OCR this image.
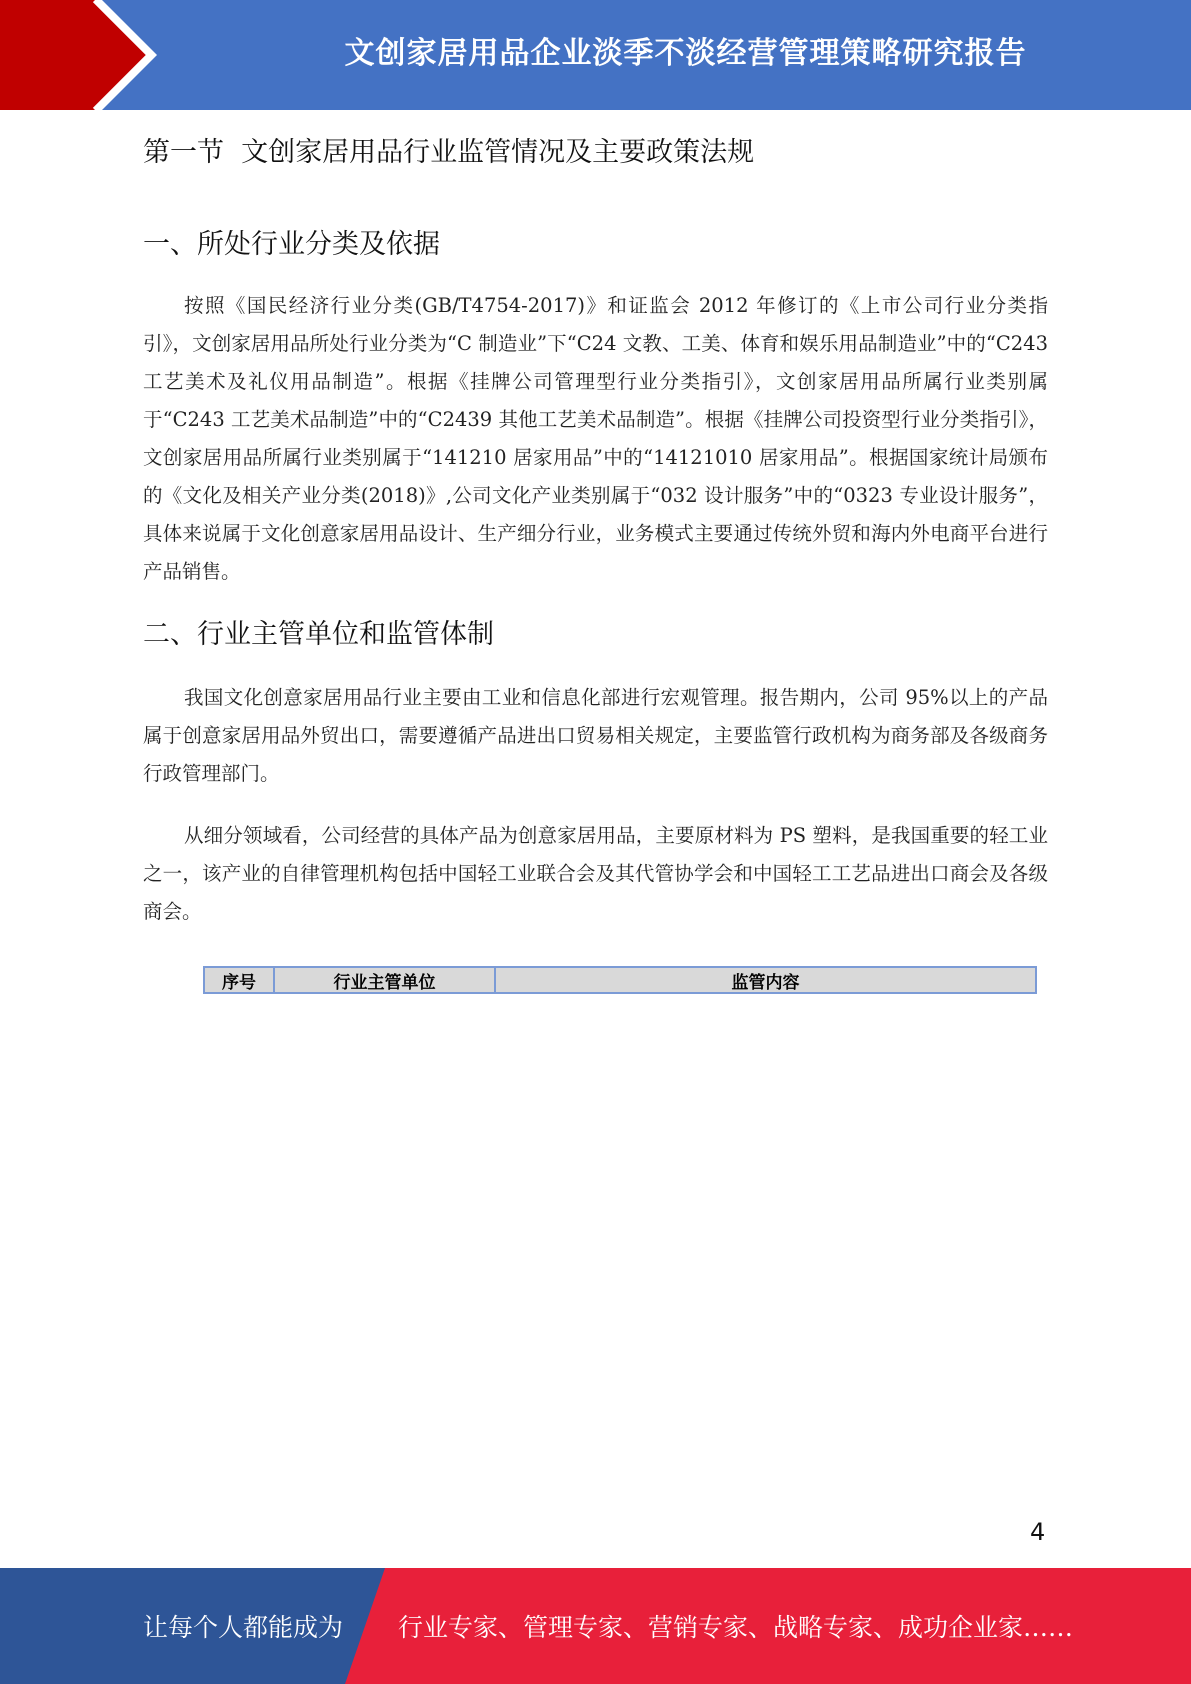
文创家居用品企业淡季不淡经营管理策略研究报告
第一节  文创家居用品行业监管情况及主要政策法规
一、所处行业分类及依据

按照《国民经济行业分类(GB/T4754-2017)》和证监会 2012 年修订的《上市公司行业分类指引》，文创家居用品所处行业分类为“C 制造业”下“C24 文教、工美、体育和娱乐用品制造业”中的“C243 工艺美术及礼仪用品制造”。根据《挂牌公司管理型行业分类指引》，文创家居用品所属行业类别属于“C243 工艺美术品制造”中的“C2439 其他工艺美术品制造”。根据《挂牌公司投资型行业分类指引》，文创家居用品所属行业类别属于“141210 居家用品”中的“14121010 居家用品”。根据国家统计局颁布的《文化及相关产业分类(2018)》,公司文化产业类别属于“032 设计服务”中的“0323 专业设计服务”，具体来说属于文化创意家居用品设计、生产细分行业，业务模式主要通过传统外贸和海内外电商平台进行产品销售。

二、行业主管单位和监管体制

我国文化创意家居用品行业主要由工业和信息化部进行宏观管理。报告期内，公司 95%以上的产品属于创意家居用品外贸出口，需要遵循产品进出口贸易相关规定，主要监管行政机构为商务部及各级商务行政管理部门。

从细分领域看，公司经营的具体产品为创意家居用品，主要原材料为 PS 塑料，是我国重要的轻工业之一，该产业的自律管理机构包括中国轻工业联合会及其代管协学会和中国轻工工艺品进出口商会及各级商会。

序号	行业主管单位	监管内容
4
让每个人都能成为 行业专家、管理专家、营销专家、战略专家、成功企业家……
